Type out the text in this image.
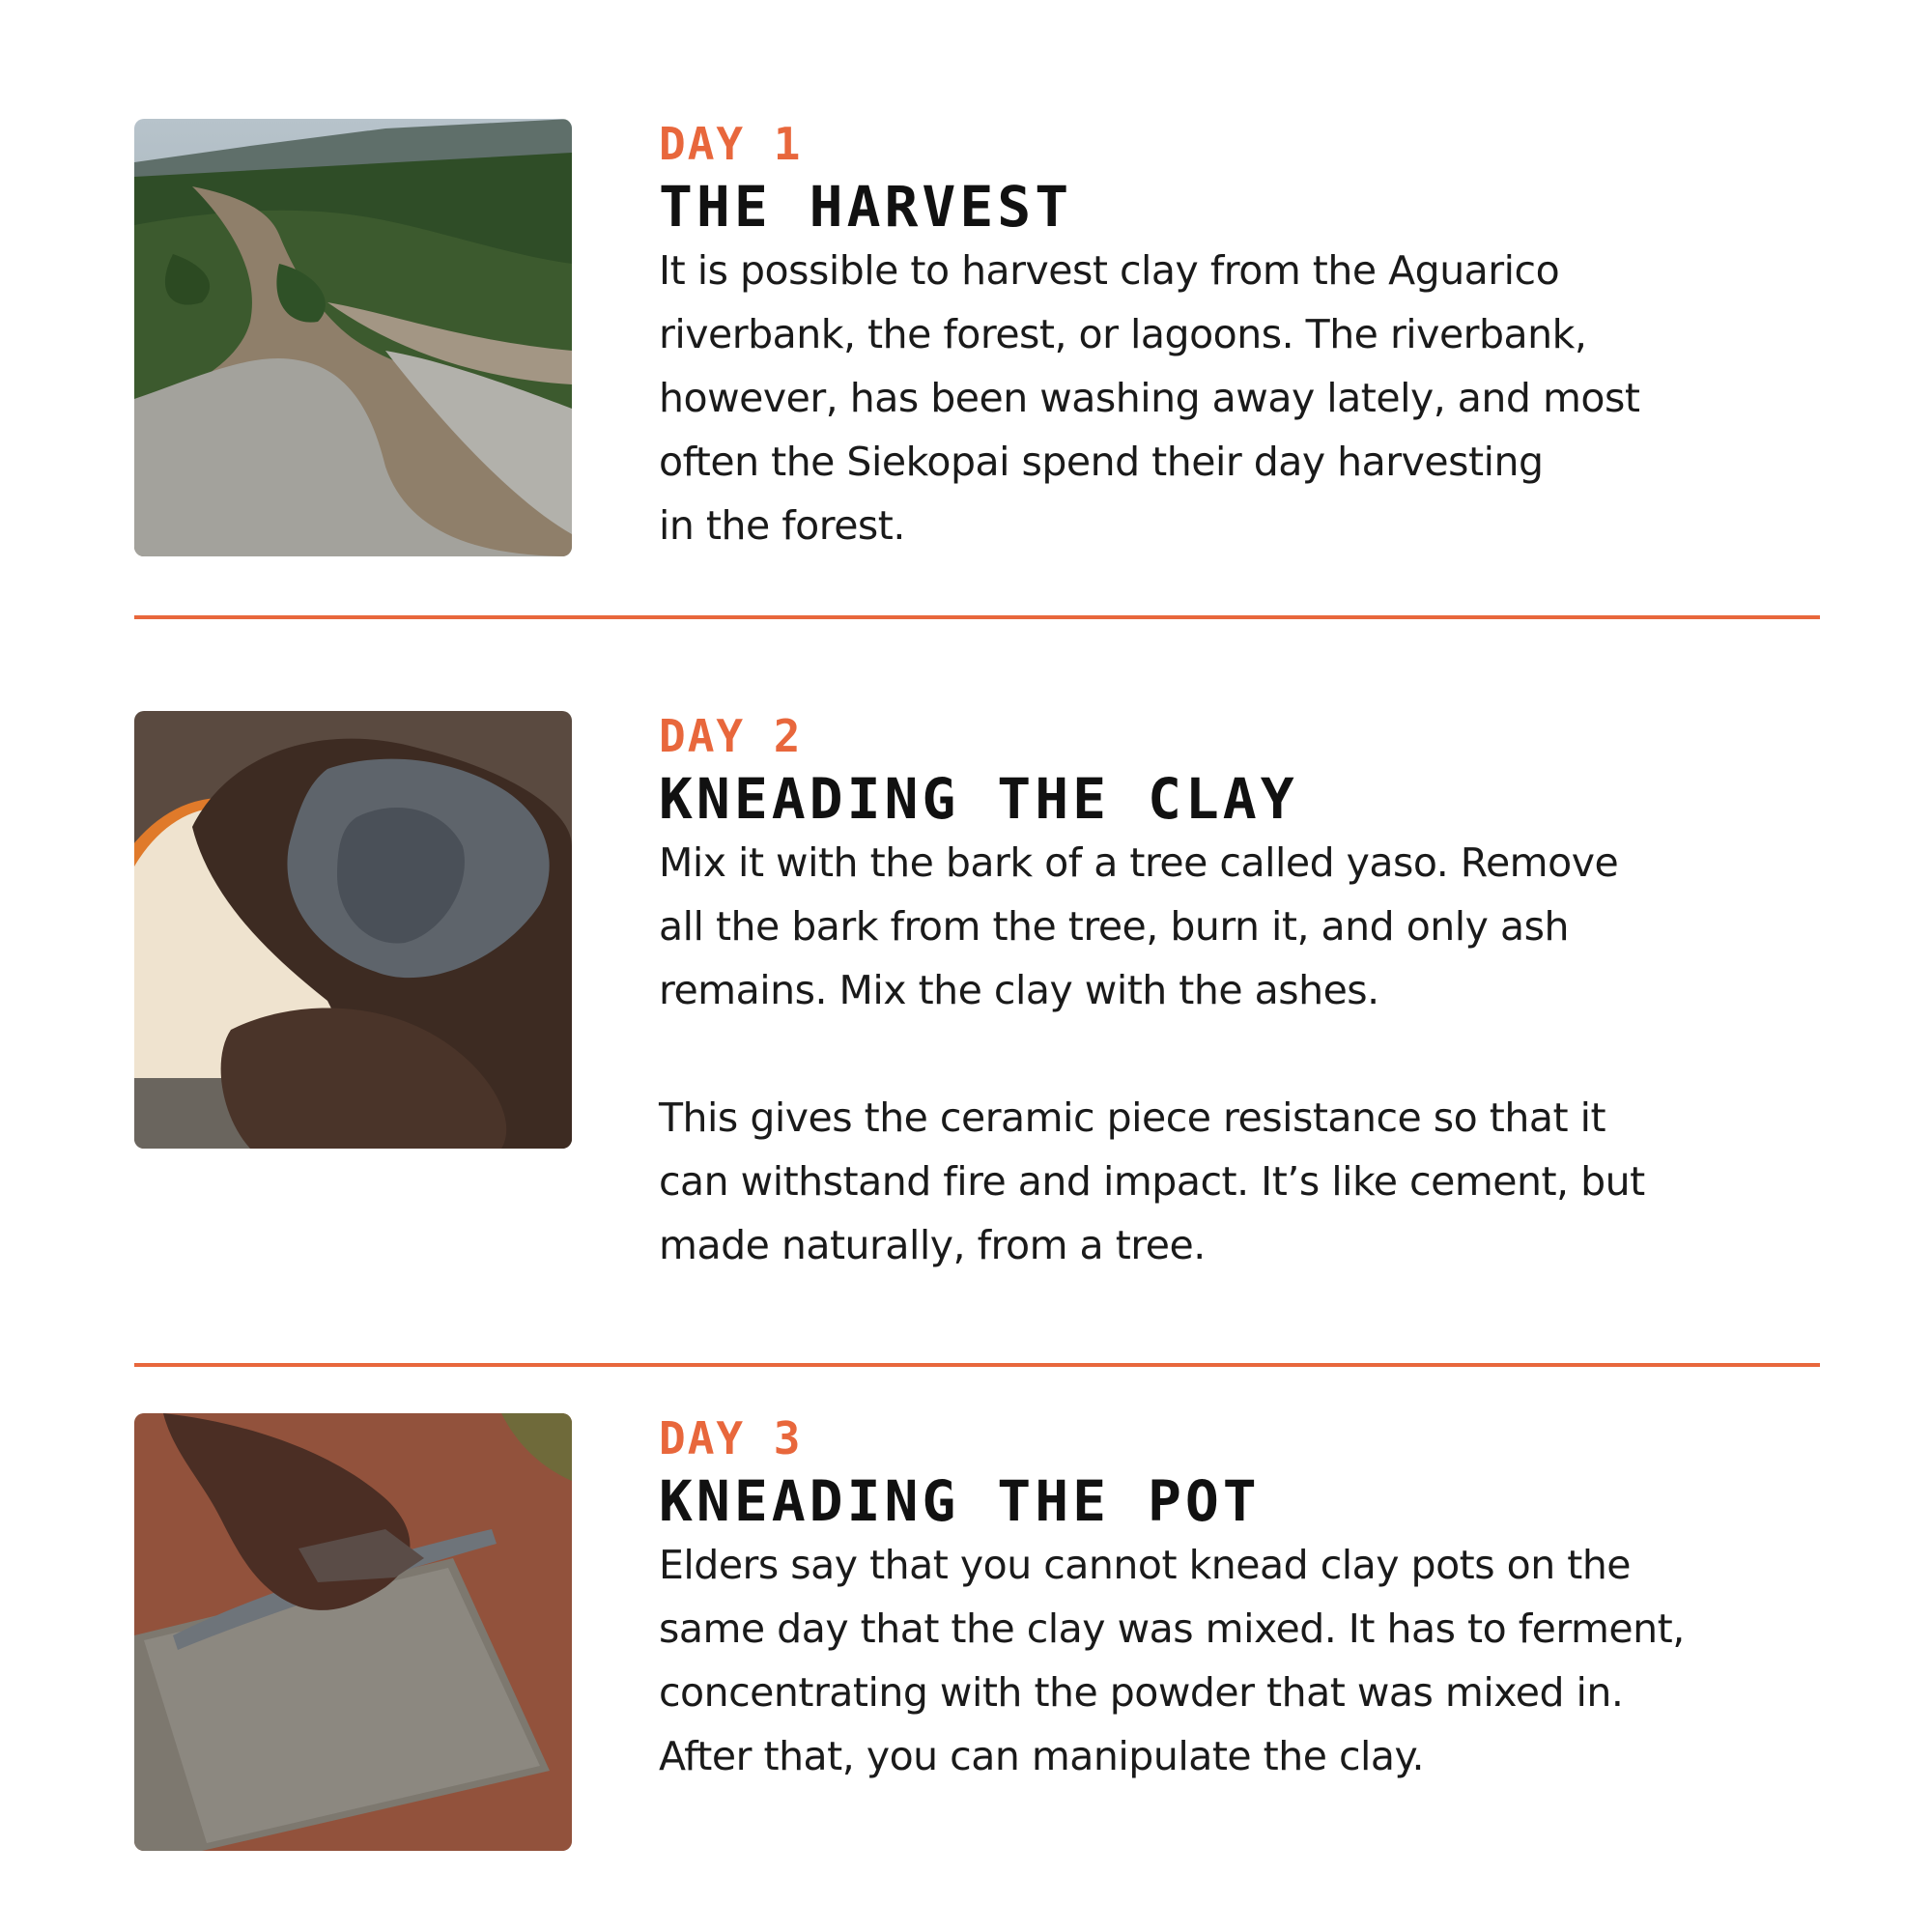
DAY 1
THE HARVEST

It is possible to harvest clay from the Aguarico

riverbank, the forest, or lagoons. The riverbank,

however, has been washing away lately, and most

often the Siekopai spend their day harvesting

in the forest.

DAY 2
KNEADING THE CLAY

Mix it with the bark of a tree called yaso. Remove

all the bark from the tree, burn it, and only ash

remains. Mix the clay with the ashes.

This gives the ceramic piece resistance so that it

can withstand fire and impact. It’s like cement, but

made naturally, from a tree.

DAY 3
KNEADING THE POT

Elders say that you cannot knead clay pots on the

same day that the clay was mixed. It has to ferment,

concentrating with the powder that was mixed in.

After that, you can manipulate the clay.
